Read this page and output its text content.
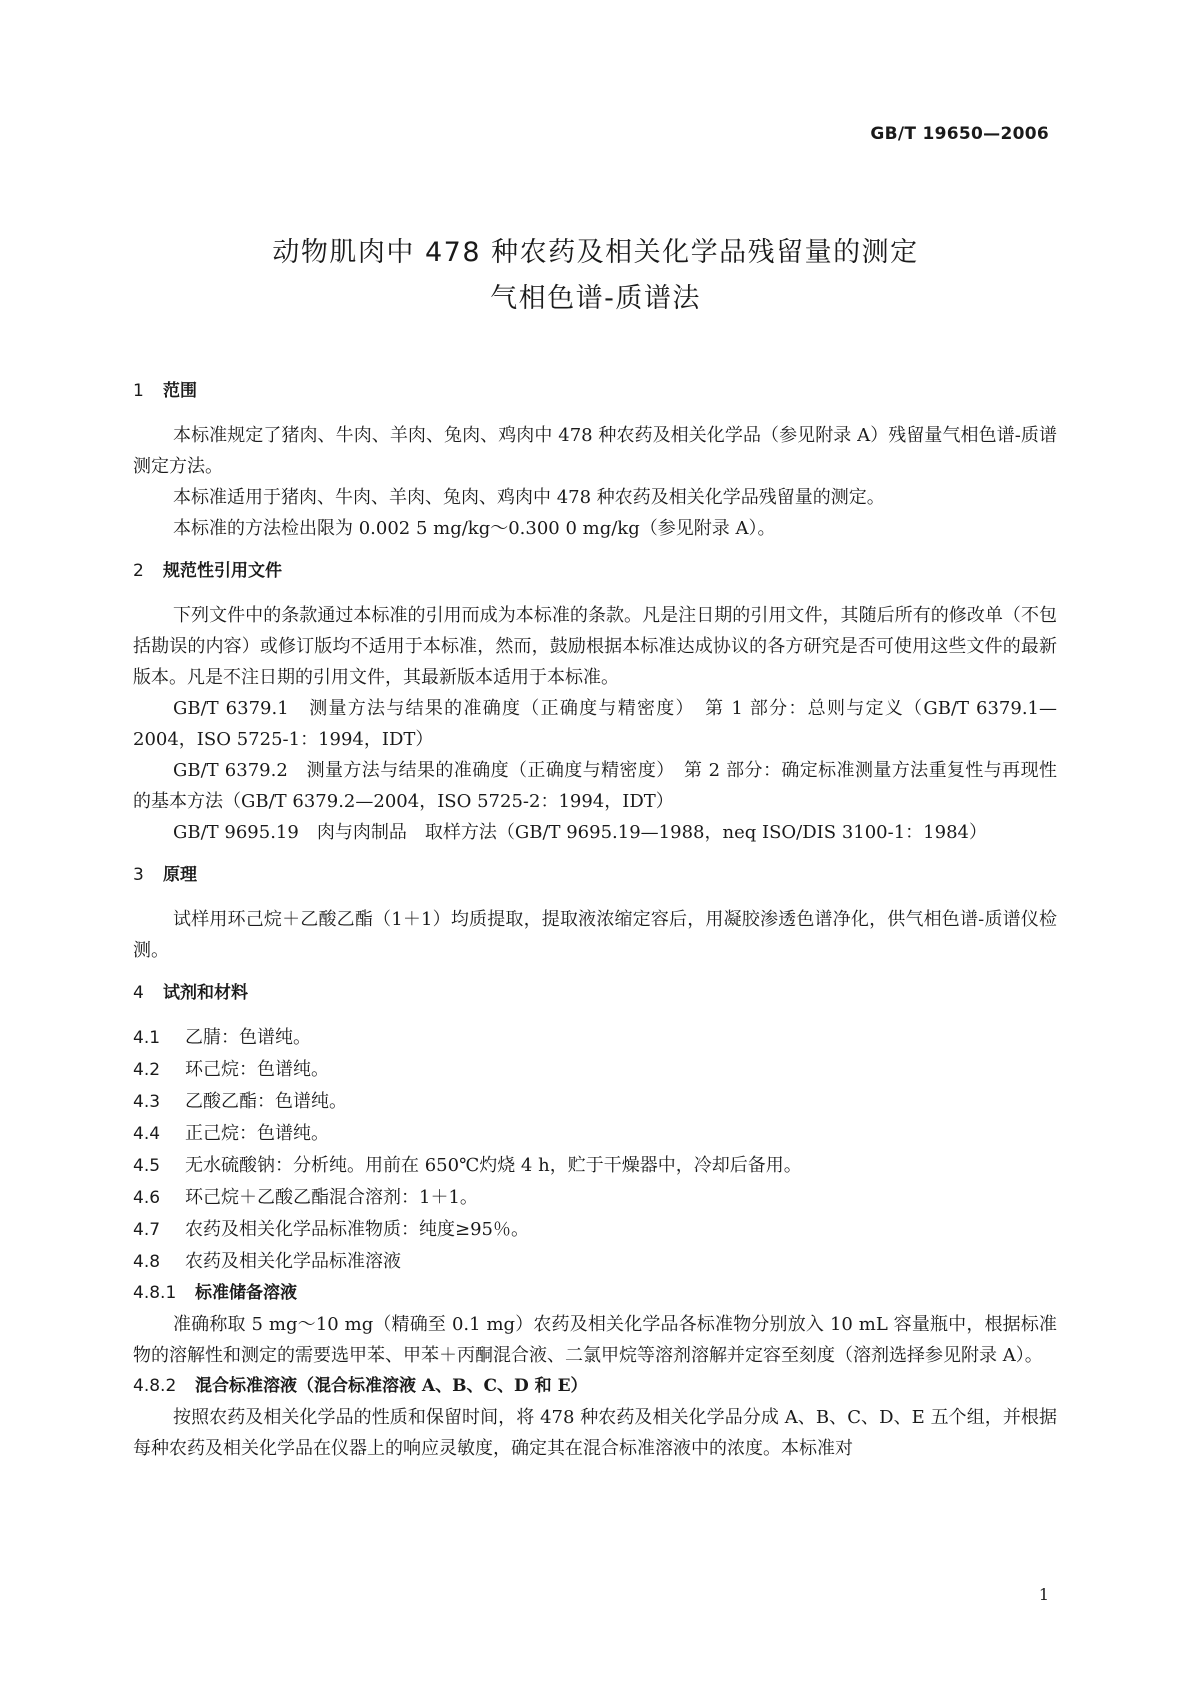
GB/T 19650—2006
动物肌肉中 478 种农药及相关化学品残留量的测定
气相色谱-质谱法
1 范围

本标准规定了猪肉、牛肉、羊肉、兔肉、鸡肉中 478 种农药及相关化学品（参见附录 A）残留量气相色谱-质谱测定方法。

本标准适用于猪肉、牛肉、羊肉、兔肉、鸡肉中 478 种农药及相关化学品残留量的测定。

本标准的方法检出限为 0.002 5 mg/kg～0.300 0 mg/kg（参见附录 A）。

2 规范性引用文件

下列文件中的条款通过本标准的引用而成为本标准的条款。凡是注日期的引用文件，其随后所有的修改单（不包括勘误的内容）或修订版均不适用于本标准，然而，鼓励根据本标准达成协议的各方研究是否可使用这些文件的最新版本。凡是不注日期的引用文件，其最新版本适用于本标准。

GB/T 6379.1　测量方法与结果的准确度（正确度与精密度）　第 1 部分：总则与定义（GB/T 6379.1—2004，ISO 5725-1：1994，IDT）

GB/T 6379.2　测量方法与结果的准确度（正确度与精密度）　第 2 部分：确定标准测量方法重复性与再现性的基本方法（GB/T 6379.2—2004，ISO 5725-2：1994，IDT）

GB/T 9695.19　肉与肉制品　取样方法（GB/T 9695.19—1988，neq ISO/DIS 3100-1：1984）

3 原理

试样用环己烷＋乙酸乙酯（1＋1）均质提取，提取液浓缩定容后，用凝胶渗透色谱净化，供气相色谱-质谱仪检测。

4 试剂和材料
4.1 乙腈：色谱纯。
4.2 环己烷：色谱纯。
4.3 乙酸乙酯：色谱纯。
4.4 正己烷：色谱纯。
4.5 无水硫酸钠：分析纯。用前在 650℃灼烧 4 h，贮于干燥器中，冷却后备用。
4.6 环己烷＋乙酸乙酯混合溶剂：1＋1。
4.7 农药及相关化学品标准物质：纯度≥95％。
4.8 农药及相关化学品标准溶液
4.8.1 标准储备溶液

准确称取 5 mg～10 mg（精确至 0.1 mg）农药及相关化学品各标准物分别放入 10 mL 容量瓶中，根据标准物的溶解性和测定的需要选甲苯、甲苯＋丙酮混合液、二氯甲烷等溶剂溶解并定容至刻度（溶剂选择参见附录 A）。

4.8.2 混合标准溶液（混合标准溶液 A、B、C、D 和 E）

按照农药及相关化学品的性质和保留时间，将 478 种农药及相关化学品分成 A、B、C、D、E 五个组，并根据每种农药及相关化学品在仪器上的响应灵敏度，确定其在混合标准溶液中的浓度。本标准对

1
